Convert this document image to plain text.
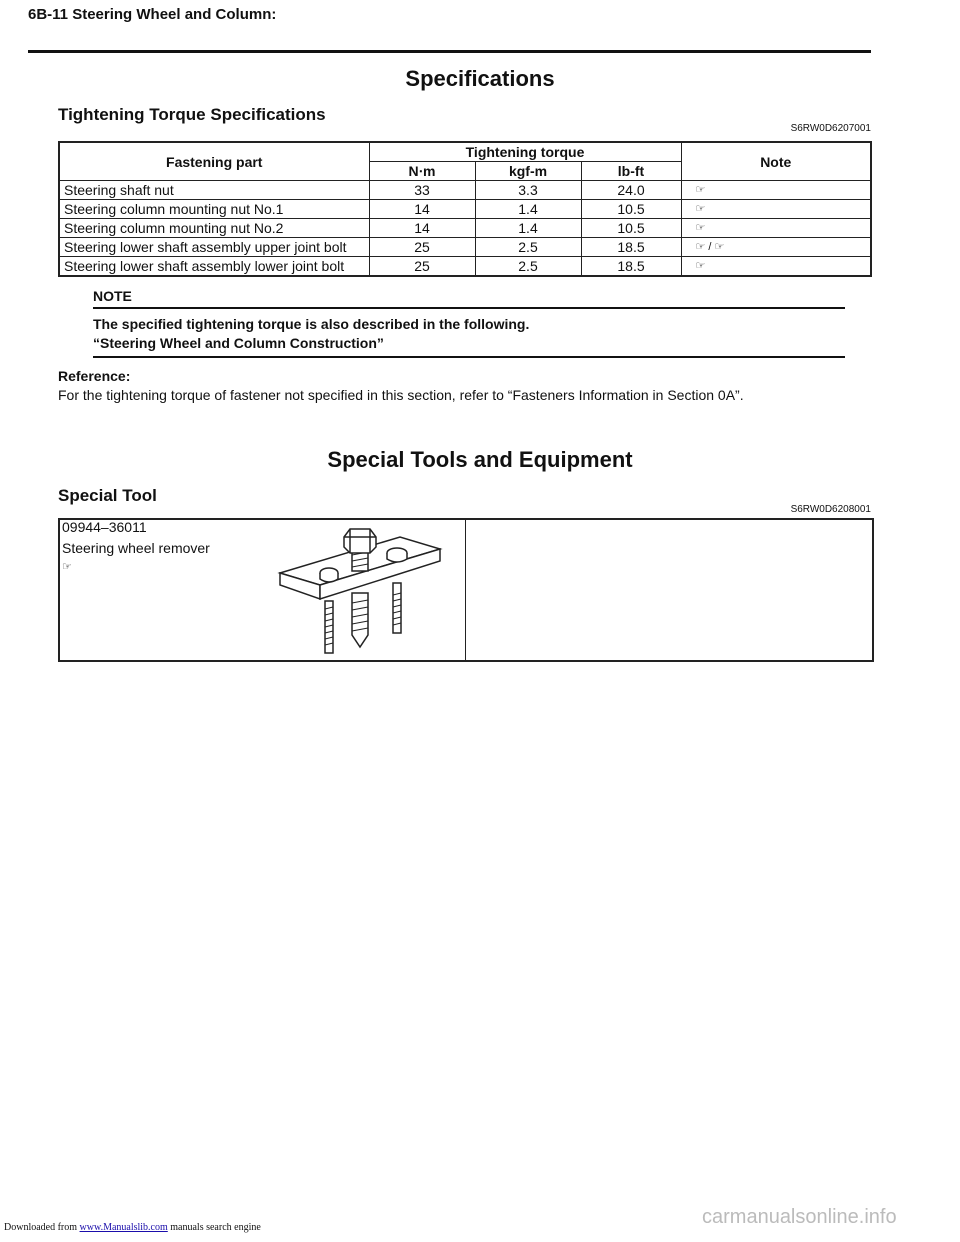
6B-11 Steering Wheel and Column:
Specifications
Tightening Torque Specifications
S6RW0D6207001
Fastening part	Tightening torque			Note
	N⋅m	kgf-m	lb-ft	
Steering shaft nut	33	3.3	24.0	☞
Steering column mounting nut No.1	14	1.4	10.5	☞
Steering column mounting nut No.2	14	1.4	10.5	☞
Steering lower shaft assembly upper joint bolt	25	2.5	18.5	☞ / ☞
Steering lower shaft assembly lower joint bolt	25	2.5	18.5	☞
NOTE
The specified tightening torque is also described in the following.
“Steering Wheel and Column Construction”
Reference:
For the tightening torque of fastener not specified in this section, refer to “Fasteners Information in Section 0A”.
Special Tools and Equipment
Special Tool
S6RW0D6208001
09944–36011
Steering wheel remover
☞
Downloaded from www.Manualslib.com manuals search engine	carmanualsonline.info
